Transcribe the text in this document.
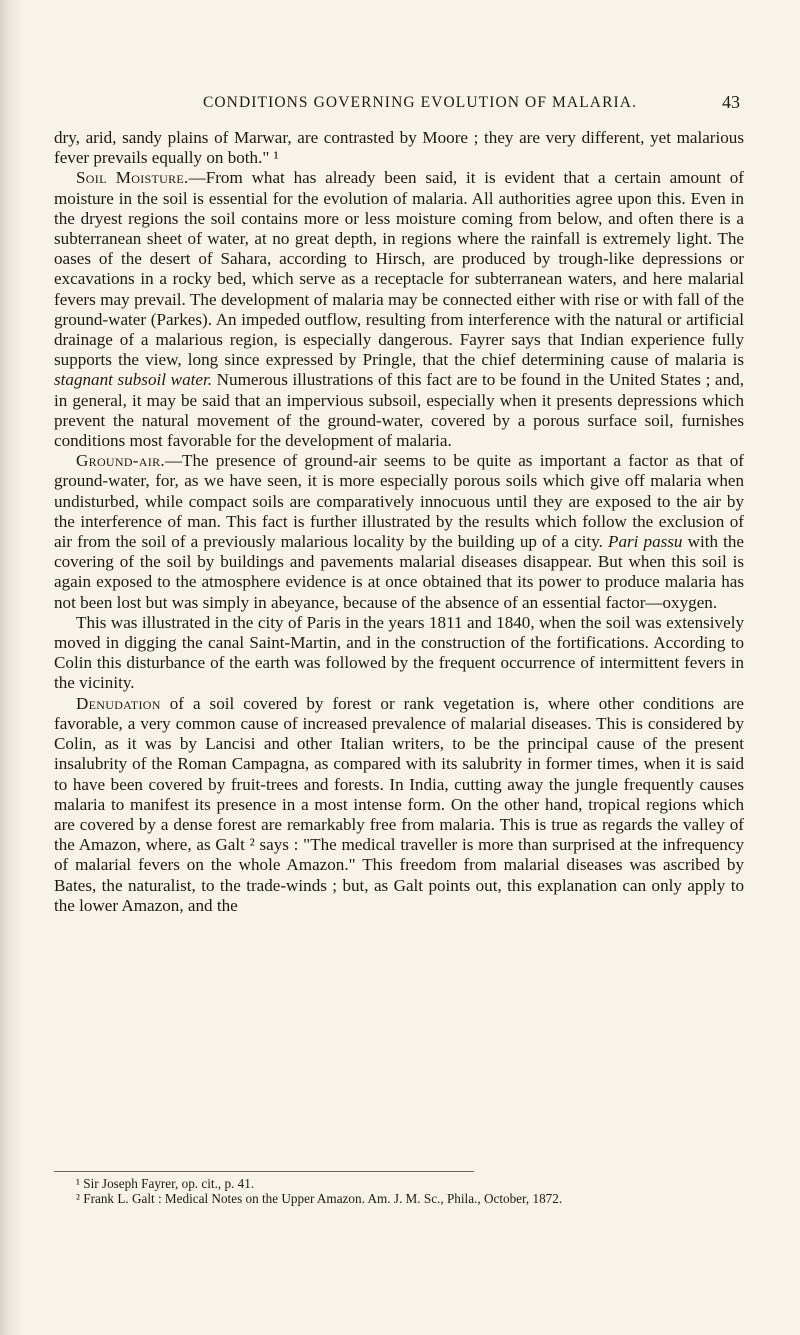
CONDITIONS GOVERNING EVOLUTION OF MALARIA.	43

dry, arid, sandy plains of Marwar, are contrasted by Moore ; they are very different, yet malarious fever prevails equally on both." ¹

Soil Moisture.—From what has already been said, it is evident that a certain amount of moisture in the soil is essential for the evolution of malaria. All authorities agree upon this. Even in the dryest regions the soil contains more or less moisture coming from below, and often there is a subterranean sheet of water, at no great depth, in regions where the rainfall is extremely light. The oases of the desert of Sahara, according to Hirsch, are produced by trough-like depressions or excavations in a rocky bed, which serve as a receptacle for subterranean waters, and here malarial fevers may prevail. The development of malaria may be connected either with rise or with fall of the ground-water (Parkes). An impeded outflow, resulting from interference with the natural or artificial drainage of a malarious region, is especially dangerous. Fayrer says that Indian experience fully supports the view, long since expressed by Pringle, that the chief determining cause of malaria is stagnant subsoil water. Numerous illustrations of this fact are to be found in the United States ; and, in general, it may be said that an impervious subsoil, especially when it presents depressions which prevent the natural movement of the ground-water, covered by a porous surface soil, furnishes conditions most favorable for the development of malaria.

Ground-air.—The presence of ground-air seems to be quite as important a factor as that of ground-water, for, as we have seen, it is more especially porous soils which give off malaria when undisturbed, while compact soils are comparatively innocuous until they are exposed to the air by the interference of man. This fact is further illustrated by the results which follow the exclusion of air from the soil of a previously malarious locality by the building up of a city. Pari passu with the covering of the soil by buildings and pavements malarial diseases disappear. But when this soil is again exposed to the atmosphere evidence is at once obtained that its power to produce malaria has not been lost but was simply in abeyance, because of the absence of an essential factor—oxygen.

This was illustrated in the city of Paris in the years 1811 and 1840, when the soil was extensively moved in digging the canal Saint-Martin, and in the construction of the fortifications. According to Colin this disturbance of the earth was followed by the frequent occurrence of intermittent fevers in the vicinity.

Denudation of a soil covered by forest or rank vegetation is, where other conditions are favorable, a very common cause of increased prevalence of malarial diseases. This is considered by Colin, as it was by Lancisi and other Italian writers, to be the principal cause of the present insalubrity of the Roman Campagna, as compared with its salubrity in former times, when it is said to have been covered by fruit-trees and forests. In India, cutting away the jungle frequently causes malaria to manifest its presence in a most intense form. On the other hand, tropical regions which are covered by a dense forest are remarkably free from malaria. This is true as regards the valley of the Amazon, where, as Galt ² says : "The medical traveller is more than surprised at the infrequency of malarial fevers on the whole Amazon." This freedom from malarial diseases was ascribed by Bates, the naturalist, to the trade-winds ; but, as Galt points out, this explanation can only apply to the lower Amazon, and the

¹ Sir Joseph Fayrer, op. cit., p. 41.

² Frank L. Galt : Medical Notes on the Upper Amazon. Am. J. M. Sc., Phila., October, 1872.
